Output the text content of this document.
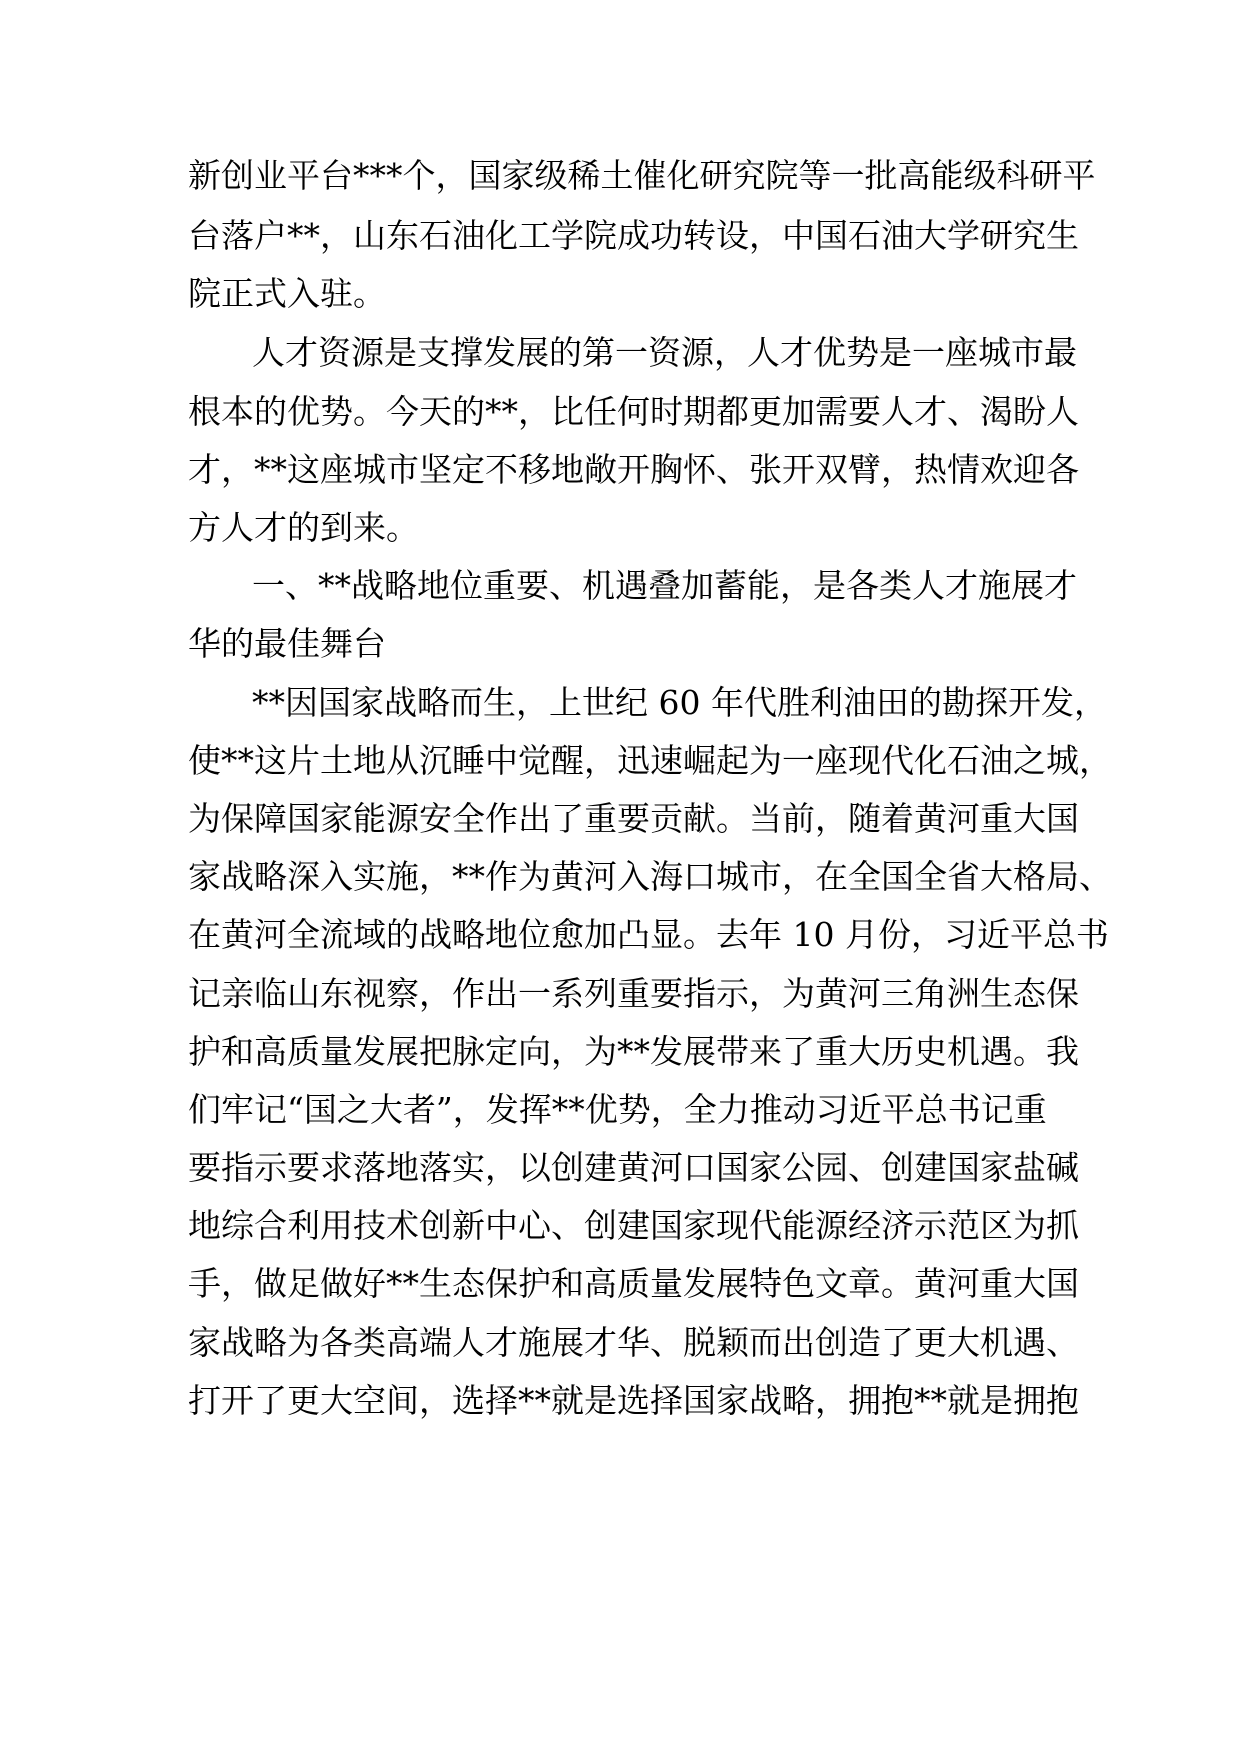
新创业平台***个，国家级稀土催化研究院等一批高能级科研平
台落户**，山东石油化工学院成功转设，中国石油大学研究生
院正式入驻。
人才资源是支撑发展的第一资源，人才优势是一座城市最
根本的优势。今天的**，比任何时期都更加需要人才、渴盼人
才，**这座城市坚定不移地敞开胸怀、张开双臂，热情欢迎各
方人才的到来。
一、**战略地位重要、机遇叠加蓄能，是各类人才施展才
华的最佳舞台
**因国家战略而生，上世纪 60 年代胜利油田的勘探开发，
使**这片土地从沉睡中觉醒，迅速崛起为一座现代化石油之城，
为保障国家能源安全作出了重要贡献。当前，随着黄河重大国
家战略深入实施，**作为黄河入海口城市，在全国全省大格局、
在黄河全流域的战略地位愈加凸显。去年 10 月份，习近平总书
记亲临山东视察，作出一系列重要指示，为黄河三角洲生态保
护和高质量发展把脉定向，为**发展带来了重大历史机遇。我
们牢记“国之大者”，发挥**优势，全力推动习近平总书记重
要指示要求落地落实，以创建黄河口国家公园、创建国家盐碱
地综合利用技术创新中心、创建国家现代能源经济示范区为抓
手，做足做好**生态保护和高质量发展特色文章。黄河重大国
家战略为各类高端人才施展才华、脱颖而出创造了更大机遇、
打开了更大空间，选择**就是选择国家战略，拥抱**就是拥抱
